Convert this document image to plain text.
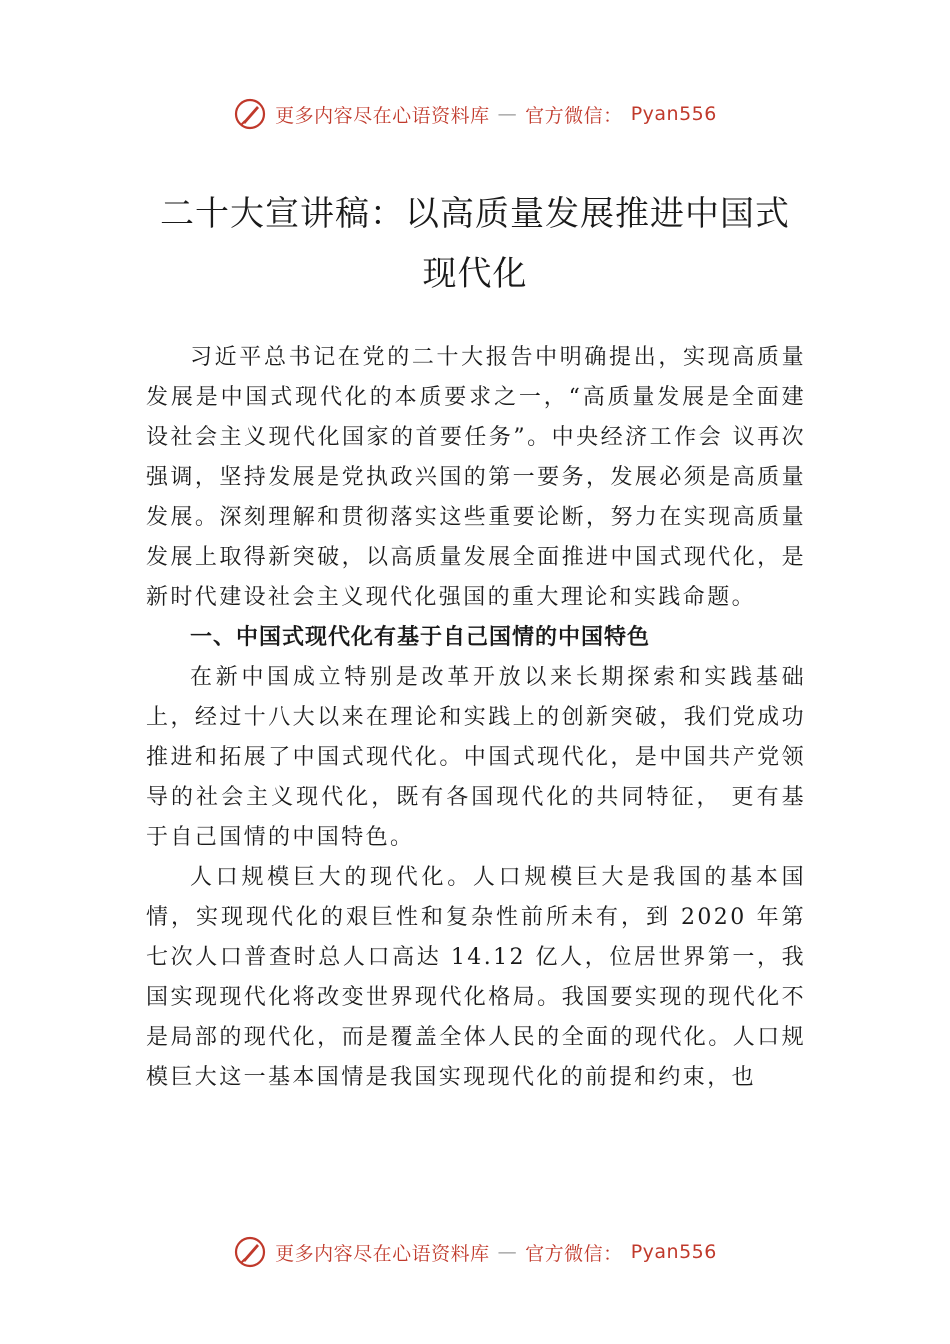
更多内容尽在心语资料库 — 官方微信： Pyan556
二十大宣讲稿：以高质量发展推进中国式现代化

习近平总书记在党的二十大报告中明确提出，实现高质量发展是中国式现代化的本质要求之一，“高质量发展是全面建设社会主义现代化国家的首要任务”。中央经济工作会 议再次强调，坚持发展是党执政兴国的第一要务，发展必须是高质量发展。深刻理解和贯彻落实这些重要论断，努力在实现高质量发展上取得新突破，以高质量发展全面推进中国式现代化，是新时代建设社会主义现代化强国的重大理论和实践命题。

一、中国式现代化有基于自己国情的中国特色

在新中国成立特别是改革开放以来长期探索和实践基础上，经过十八大以来在理论和实践上的创新突破，我们党成功推进和拓展了中国式现代化。中国式现代化，是中国共产党领导的社会主义现代化，既有各国现代化的共同特征， 更有基于自己国情的中国特色。

人口规模巨大的现代化。人口规模巨大是我国的基本国情，实现现代化的艰巨性和复杂性前所未有，到 2020 年第七次人口普查时总人口高达 14.12 亿人，位居世界第一，我国实现现代化将改变世界现代化格局。我国要实现的现代化不是局部的现代化，而是覆盖全体人民的全面的现代化。人口规模巨大这一基本国情是我国实现现代化的前提和约束，也

更多内容尽在心语资料库 — 官方微信： Pyan556
